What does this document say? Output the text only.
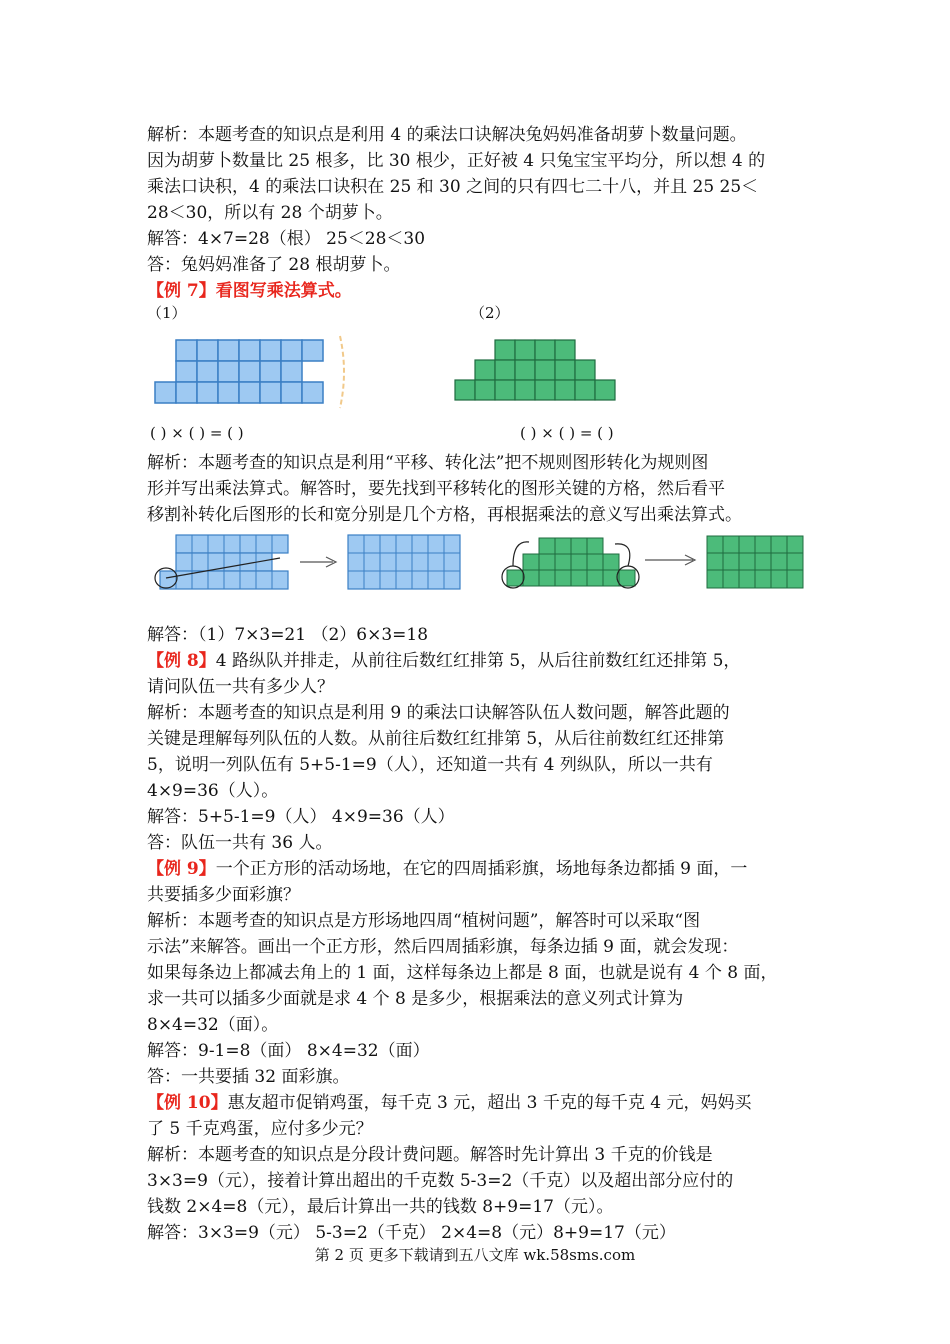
解析：本题考查的知识点是利用 4 的乘法口诀解决兔妈妈准备胡萝卜数量问题。
因为胡萝卜数量比 25 根多，比 30 根少，正好被 4 只兔宝宝平均分，所以想 4 的
乘法口诀积，4 的乘法口诀积在 25 和 30 之间的只有四七二十八，并且 25 25＜
28＜30，所以有 28 个胡萝卜。
解答：4×7=28（根） 25＜28＜30
答：兔妈妈准备了 28 根胡萝卜。
【例 7】看图写乘法算式。
（1）	（2）
( ) × ( ) = ( )	( ) × ( ) = ( )
解析：本题考查的知识点是利用“平移、转化法”把不规则图形转化为规则图
形并写出乘法算式。解答时，要先找到平移转化的图形关键的方格，然后看平
移割补转化后图形的长和宽分别是几个方格，再根据乘法的意义写出乘法算式。
解答：（1）7×3=21 （2）6×3=18
【例 8】4 路纵队并排走，从前往后数红红排第 5，从后往前数红红还排第 5，
请问队伍一共有多少人？
解析：本题考查的知识点是利用 9 的乘法口诀解答队伍人数问题，解答此题的
关键是理解每列队伍的人数。从前往后数红红排第 5，从后往前数红红还排第
5，说明一列队伍有 5+5-1=9（人），还知道一共有 4 列纵队，所以一共有
4×9=36（人）。
解答：5+5-1=9（人） 4×9=36（人）
答：队伍一共有 36 人。
【例 9】一个正方形的活动场地，在它的四周插彩旗，场地每条边都插 9 面，一
共要插多少面彩旗？
解析：本题考查的知识点是方形场地四周“植树问题”，解答时可以采取“图
示法”来解答。画出一个正方形，然后四周插彩旗，每条边插 9 面，就会发现：
如果每条边上都减去角上的 1 面，这样每条边上都是 8 面，也就是说有 4 个 8 面，
求一共可以插多少面就是求 4 个 8 是多少，根据乘法的意义列式计算为
8×4=32（面）。
解答：9-1=8（面） 8×4=32（面）
答：一共要插 32 面彩旗。
【例 10】惠友超市促销鸡蛋，每千克 3 元，超出 3 千克的每千克 4 元，妈妈买
了 5 千克鸡蛋，应付多少元？
解析：本题考查的知识点是分段计费问题。解答时先计算出 3 千克的价钱是
3×3=9（元），接着计算出超出的千克数 5-3=2（千克）以及超出部分应付的
钱数 2×4=8（元），最后计算出一共的钱数 8+9=17（元）。
解答：3×3=9（元） 5-3=2（千克） 2×4=8（元）8+9=17（元）
第 2 页 更多下载请到五八文库 wk.58sms.com
